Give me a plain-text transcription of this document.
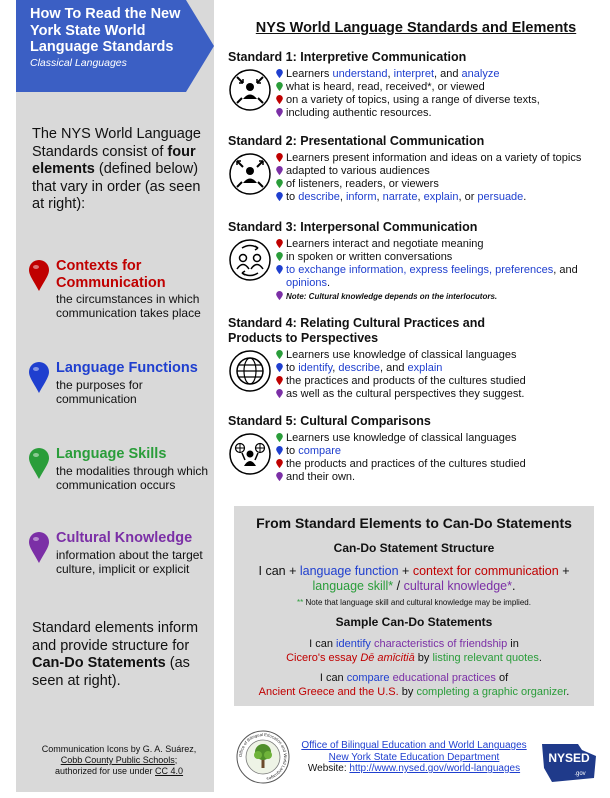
How To Read the New York State World Language Standards
Classical Languages
The NYS World Language Standards consist of four elements (defined below) that vary in order (as seen at right):
Contexts for Communication
the circumstances in which communication takes place
Language Functions
the purposes for communication
Language Skills
the modalities through which communication occurs
Cultural Knowledge
information about the target culture, implicit or explicit
Standard elements inform and provide structure for Can-Do Statements (as seen at right).
Communication Icons by G. A. Suárez,
Cobb County Public Schools;
authorized for use under CC 4.0
NYS World Language Standards and Elements
Standard 1: Interpretive Communication
Learners understand, interpret, and analyze
what is heard, read, received*, or viewed
on a variety of topics, using a range of diverse texts,
including authentic resources.
Standard 2: Presentational Communication
Learners present information and ideas on a variety of topics
adapted to various audiences
of listeners, readers, or viewers
to describe, inform, narrate, explain, or persuade.
Standard 3: Interpersonal Communication
Learners interact and negotiate meaning
in spoken or written conversations
to exchange information, express feelings, preferences, and opinions.
Note: Cultural knowledge depends on the interlocutors.
Standard 4: Relating Cultural Practices and Products to Perspectives
Learners use knowledge of classical languages
to identify, describe, and explain
the practices and products of the cultures studied
as well as the cultural perspectives they suggest.
Standard 5: Cultural Comparisons
Learners use knowledge of classical languages
to compare
the products and practices of the cultures studied
and their own.
From Standard Elements to Can-Do Statements
Can-Do Statement Structure
I can + language function + context for communication +
language skill* / cultural knowledge*.
** Note that language skill and cultural knowledge may be implied.
Sample Can-Do Statements
I can identify characteristics of friendship in
Cicero's essay Dē amīcitiā by listing relevant quotes.
I can compare educational practices of
Ancient Greece and the U.S. by completing a graphic organizer.
Office of Bilingual Education and World Languages
Office of Bilingual Education and World Languages
New York State Education Department
Website: http://www.nysed.gov/world-languages
NYSED
.gov
